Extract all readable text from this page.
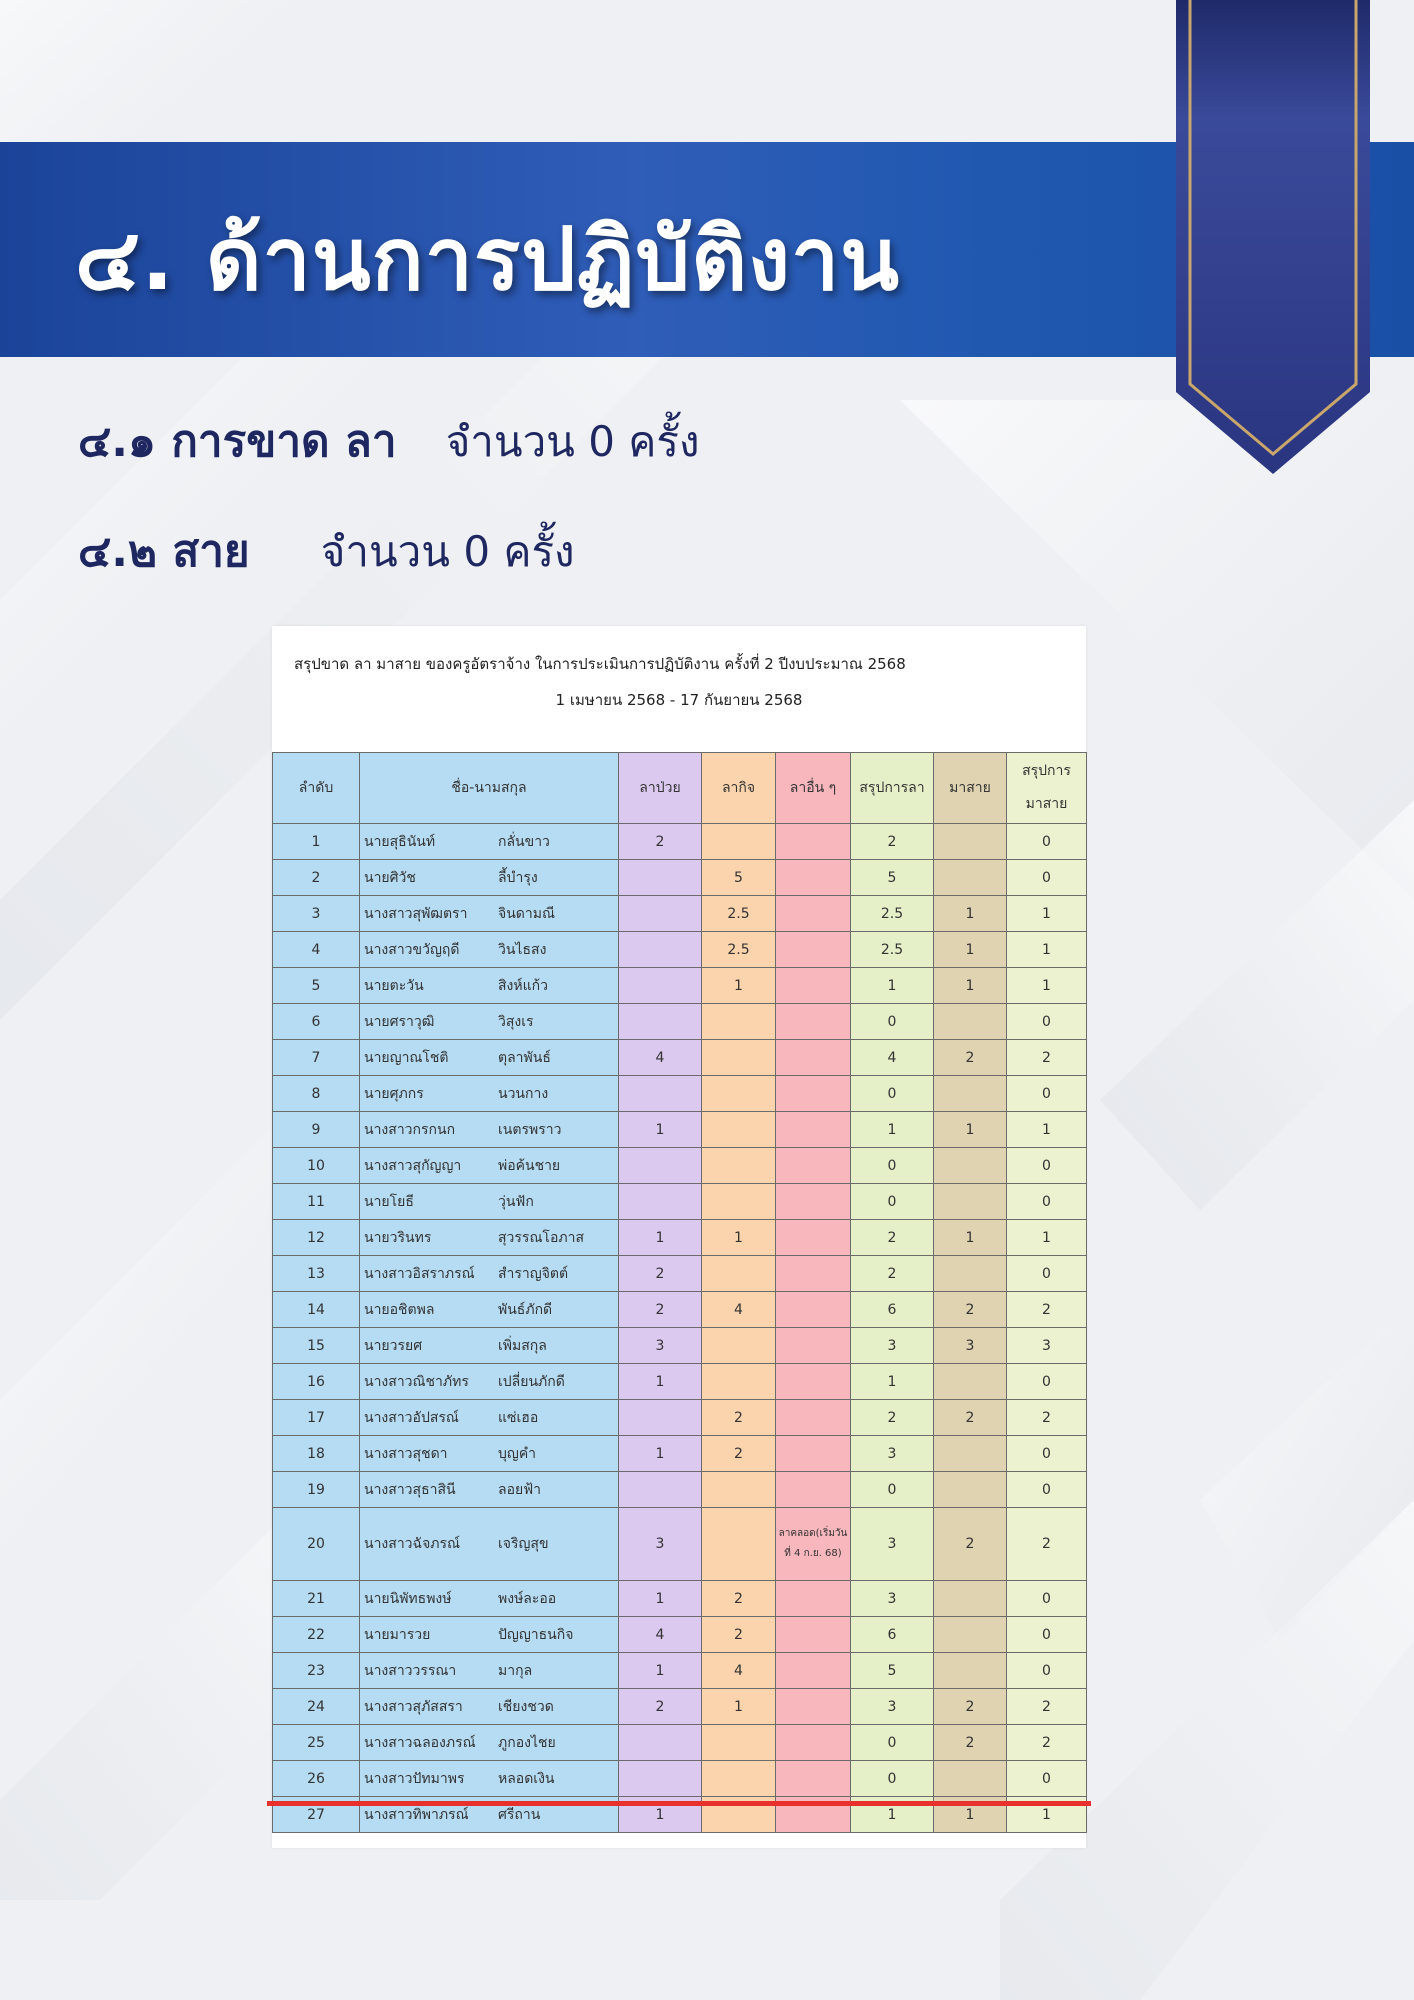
๔. ด้านการปฏิบัติงาน
๔.๑ การขาด ลา จำนวน 0 ครั้ง
๔.๒ สาย จำนวน 0 ครั้ง
สรุปขาด ลา มาสาย ของครูอัตราจ้าง ในการประเมินการปฏิบัติงาน ครั้งที่ 2 ปีงบประมาณ 2568
1 เมษายน 2568 - 17 กันยายน 2568
ลำดับ	ชื่อ-นามสกุล	ลาป่วย	ลากิจ	ลาอื่น ๆ	สรุปการลา	มาสาย	สรุปการ
มาสาย
1	นายสุธินันท์ กลั่นขาว	2			2		0
2	นายศิวัช ลี้บำรุง		5		5		0
3	นางสาวสุพัฒตรา จินดามณี		2.5		2.5	1	1
4	นางสาวขวัญฤดี วินไธสง		2.5		2.5	1	1
5	นายตะวัน สิงห์แก้ว		1		1	1	1
6	นายศราวุฒิ วิสุงเร				0		0
7	นายญาณโชติ ตุลาพันธ์	4			4	2	2
8	นายศุภกร นวนกาง				0		0
9	นางสาวกรกนก เนตรพราว	1			1	1	1
10	นางสาวสุกัญญา พ่อค้นชาย				0		0
11	นายโยธี วุ่นฟัก				0		0
12	นายวรินทร สุวรรณโอภาส	1	1		2	1	1
13	นางสาวอิสราภรณ์ สำราญจิตต์	2			2		0
14	นายอชิตพล พันธ์ภักดี	2	4		6	2	2
15	นายวรยศ เพิ่มสกุล	3			3	3	3
16	นางสาวณิชาภัทร เปลี่ยนภักดี	1			1		0
17	นางสาวอัปสรณ์ แซ่เฮอ		2		2	2	2
18	นางสาวสุชดา บุญคำ	1	2		3		0
19	นางสาวสุธาสินี ลอยฟ้า				0		0
20	นางสาวฉัจภรณ์ เจริญสุข	3		ลาคลอด(เริ่มวันที่ 4 ก.ย. 68)	3	2	2
21	นายนิพัทธพงษ์ พงษ์ละออ	1	2		3		0
22	นายมารวย ปัญญาธนกิจ	4	2		6		0
23	นางสาววรรณา มากุล	1	4		5		0
24	นางสาวสุภัสสรา เชียงชวด	2	1		3	2	2
25	นางสาวฉลองภรณ์ ภูกองไชย				0	2	2
26	นางสาวปัทมาพร หลอดเงิน				0		0
27	นางสาวทิพาภรณ์ ศรีถาน	1			1	1	1
